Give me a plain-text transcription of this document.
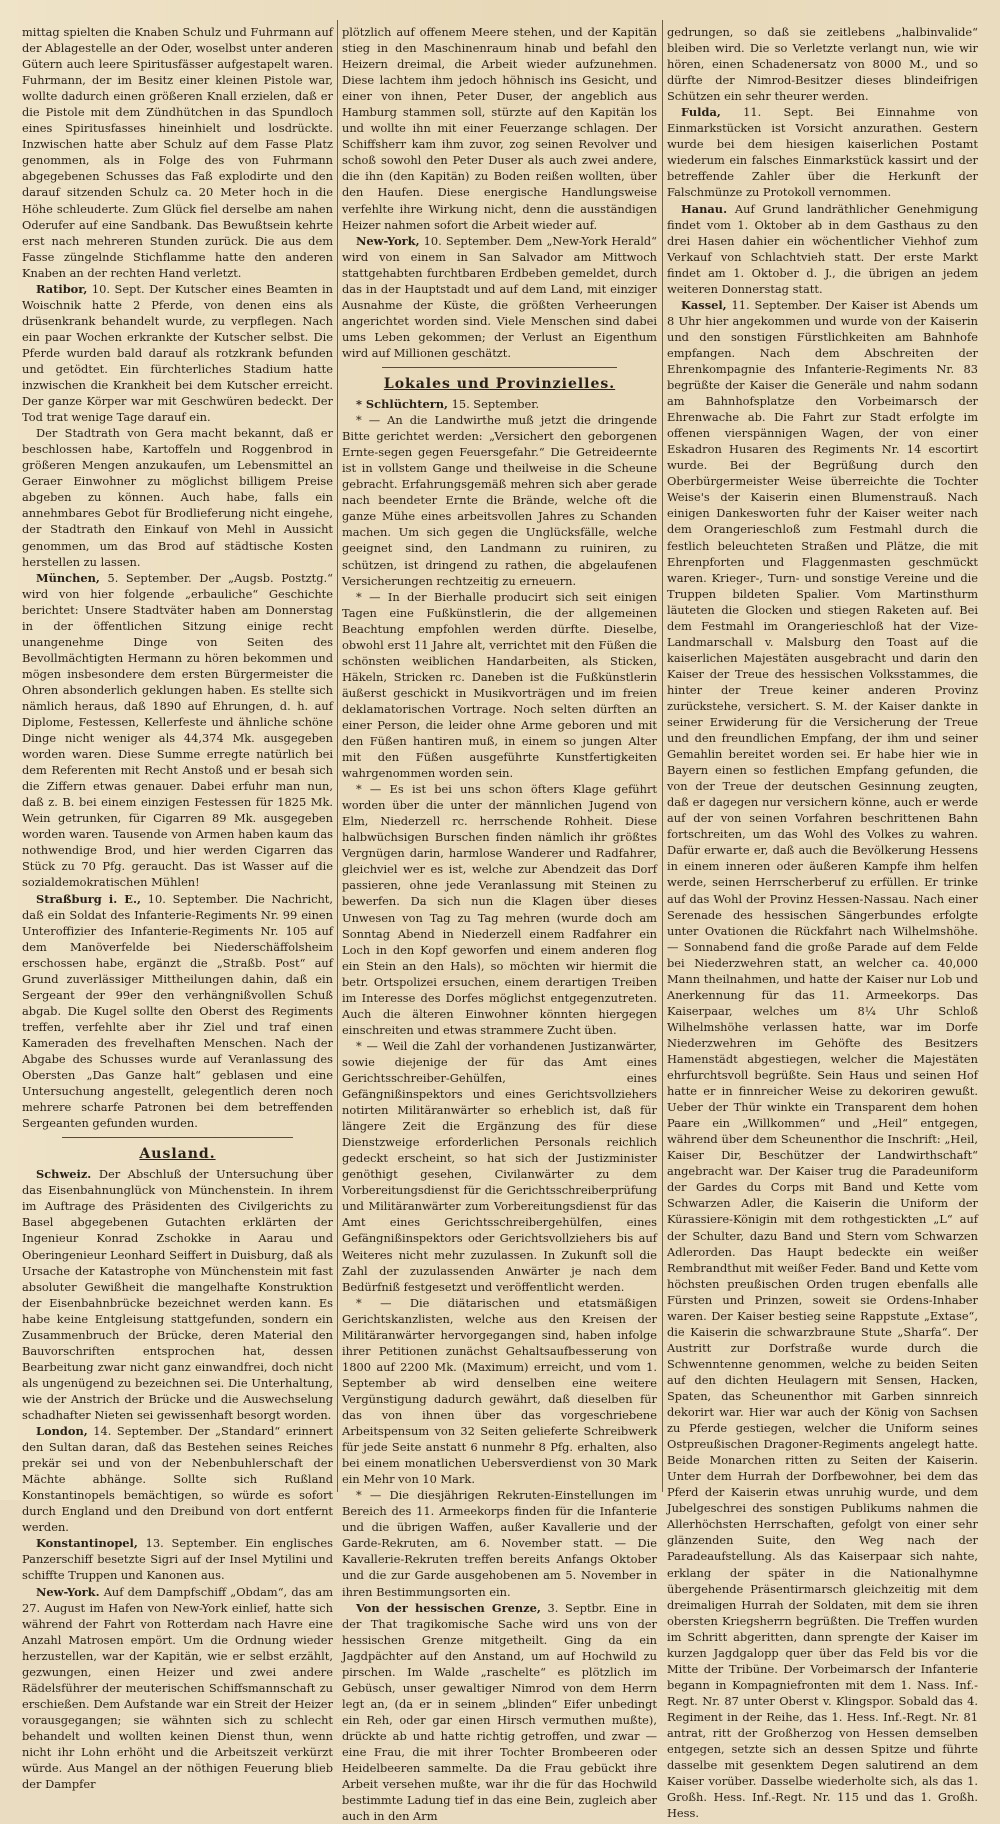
mittag spielten die Knaben Schulz und Fuhrmann auf der Ablagestelle an der Oder, woselbst unter anderen Gütern auch leere Spiritusfässer aufgestapelt waren. Fuhrmann, der im Besitz einer kleinen Pistole war, wollte dadurch einen größeren Knall erzielen, daß er die Pistole mit dem Zündhütchen in das Spundloch eines Spiritusfasses hineinhielt und losdrückte. Inzwischen hatte aber Schulz auf dem Fasse Platz genommen, als in Folge des von Fuhrmann abgegebenen Schusses das Faß explodirte und den darauf sitzenden Schulz ca. 20 Meter hoch in die Höhe schleuderte. Zum Glück fiel derselbe am nahen Oderufer auf eine Sandbank. Das Bewußtsein kehrte erst nach mehreren Stunden zurück. Die aus dem Fasse züngelnde Stichflamme hatte den anderen Knaben an der rechten Hand verletzt.

Ratibor, 10. Sept. Der Kutscher eines Beamten in Woischnik hatte 2 Pferde, von denen eins als drüsenkrank behandelt wurde, zu verpflegen. Nach ein paar Wochen erkrankte der Kutscher selbst. Die Pferde wurden bald darauf als rotzkrank befunden und getödtet. Ein fürchterliches Stadium hatte inzwischen die Krankheit bei dem Kutscher erreicht. Der ganze Körper war mit Geschwüren bedeckt. Der Tod trat wenige Tage darauf ein.

Der Stadtrath von Gera macht bekannt, daß er beschlossen habe, Kartoffeln und Roggenbrod in größeren Mengen anzukaufen, um Lebensmittel an Geraer Einwohner zu möglichst billigem Preise abgeben zu können. Auch habe, falls ein annehmbares Gebot für Brodlieferung nicht eingehe, der Stadtrath den Einkauf von Mehl in Aussicht genommen, um das Brod auf städtische Kosten herstellen zu lassen.

München, 5. September. Der „Augsb. Postztg.“ wird von hier folgende „erbauliche“ Geschichte berichtet: Unsere Stadtväter haben am Donnerstag in der öffentlichen Sitzung einige recht unangenehme Dinge von Seiten des Bevollmächtigten Hermann zu hören bekommen und mögen insbesondere dem ersten Bürgermeister die Ohren absonderlich geklungen haben. Es stellte sich nämlich heraus, daß 1890 auf Ehrungen, d. h. auf Diplome, Festessen, Kellerfeste und ähnliche schöne Dinge nicht weniger als 44,374 Mk. ausgegeben worden waren. Diese Summe erregte natürlich bei dem Referenten mit Recht Anstoß und er besah sich die Ziffern etwas genauer. Dabei erfuhr man nun, daß z. B. bei einem einzigen Festessen für 1825 Mk. Wein getrunken, für Cigarren 89 Mk. ausgegeben worden waren. Tausende von Armen haben kaum das nothwendige Brod, und hier werden Cigarren das Stück zu 70 Pfg. geraucht. Das ist Wasser auf die sozialdemokratischen Mühlen!

Straßburg i. E., 10. September. Die Nachricht, daß ein Soldat des Infanterie-Regiments Nr. 99 einen Unteroffizier des Infanterie-Regiments Nr. 105 auf dem Manöverfelde bei Niederschäffolsheim erschossen habe, ergänzt die „Straßb. Post“ auf Grund zuverlässiger Mittheilungen dahin, daß ein Sergeant der 99er den verhängnißvollen Schuß abgab. Die Kugel sollte den Oberst des Regiments treffen, verfehlte aber ihr Ziel und traf einen Kameraden des frevelhaften Menschen. Nach der Abgabe des Schusses wurde auf Veranlassung des Obersten „Das Ganze halt“ geblasen und eine Untersuchung angestellt, gelegentlich deren noch mehrere scharfe Patronen bei dem betreffenden Sergeanten gefunden wurden.

Ausland.

Schweiz. Der Abschluß der Untersuchung über das Eisenbahnunglück von Münchenstein. In ihrem im Auftrage des Präsidenten des Civilgerichts zu Basel abgegebenen Gutachten erklärten der Ingenieur Konrad Zschokke in Aarau und Oberingenieur Leonhard Seiffert in Duisburg, daß als Ursache der Katastrophe von Münchenstein mit fast absoluter Gewißheit die mangelhafte Konstruktion der Eisenbahnbrücke bezeichnet werden kann. Es habe keine Entgleisung stattgefunden, sondern ein Zusammenbruch der Brücke, deren Material den Bauvorschriften entsprochen hat, dessen Bearbeitung zwar nicht ganz einwandfrei, doch nicht als ungenügend zu bezeichnen sei. Die Unterhaltung, wie der Anstrich der Brücke und die Auswechselung schadhafter Nieten sei gewissenhaft besorgt worden.

London, 14. September. Der „Standard“ erinnert den Sultan daran, daß das Bestehen seines Reiches prekär sei und von der Nebenbuhlerschaft der Mächte abhänge. Sollte sich Rußland Konstantinopels bemächtigen, so würde es sofort durch England und den Dreibund von dort entfernt werden.

Konstantinopel, 13. September. Ein englisches Panzerschiff besetzte Sigri auf der Insel Mytilini und schiffte Truppen und Kanonen aus.

New-York. Auf dem Dampfschiff „Obdam“, das am 27. August im Hafen von New-York einlief, hatte sich während der Fahrt von Rotterdam nach Havre eine Anzahl Matrosen empört. Um die Ordnung wieder herzustellen, war der Kapitän, wie er selbst erzählt, gezwungen, einen Heizer und zwei andere Rädelsführer der meuterischen Schiffsmannschaft zu erschießen. Dem Aufstande war ein Streit der Heizer vorausgegangen; sie wähnten sich zu schlecht behandelt und wollten keinen Dienst thun, wenn nicht ihr Lohn erhöht und die Arbeitszeit verkürzt würde. Aus Mangel an der nöthigen Feuerung blieb der Dampfer

plötzlich auf offenem Meere stehen, und der Kapitän stieg in den Maschinenraum hinab und befahl den Heizern dreimal, die Arbeit wieder aufzunehmen. Diese lachtem ihm jedoch höhnisch ins Gesicht, und einer von ihnen, Peter Duser, der angeblich aus Hamburg stammen soll, stürzte auf den Kapitän los und wollte ihn mit einer Feuerzange schlagen. Der Schiffsherr kam ihm zuvor, zog seinen Revolver und schoß sowohl den Peter Duser als auch zwei andere, die ihn (den Kapitän) zu Boden reißen wollten, über den Haufen. Diese energische Handlungsweise verfehlte ihre Wirkung nicht, denn die ausständigen Heizer nahmen sofort die Arbeit wieder auf.

New-York, 10. September. Dem „New-York Herald“ wird von einem in San Salvador am Mittwoch stattgehabten furchtbaren Erdbeben gemeldet, durch das in der Hauptstadt und auf dem Land, mit einziger Ausnahme der Küste, die größten Verheerungen angerichtet worden sind. Viele Menschen sind dabei ums Leben gekommen; der Verlust an Eigenthum wird auf Millionen geschätzt.

Lokales und Provinzielles.

* Schlüchtern, 15. September.

* — An die Landwirthe muß jetzt die dringende Bitte gerichtet werden: „Versichert den geborgenen Ernte-segen gegen Feuersgefahr.“ Die Getreideernte ist in vollstem Gange und theilweise in die Scheune gebracht. Erfahrungsgemäß mehren sich aber gerade nach beendeter Ernte die Brände, welche oft die ganze Mühe eines arbeitsvollen Jahres zu Schanden machen. Um sich gegen die Unglücksfälle, welche geeignet sind, den Landmann zu ruiniren, zu schützen, ist dringend zu rathen, die abgelaufenen Versicherungen rechtzeitig zu erneuern.

* — In der Bierhalle producirt sich seit einigen Tagen eine Fußkünstlerin, die der allgemeinen Beachtung empfohlen werden dürfte. Dieselbe, obwohl erst 11 Jahre alt, verrichtet mit den Füßen die schönsten weiblichen Handarbeiten, als Sticken, Häkeln, Stricken rc. Daneben ist die Fußkünstlerin äußerst geschickt in Musikvorträgen und im freien deklamatorischen Vortrage. Noch selten dürften an einer Person, die leider ohne Arme geboren und mit den Füßen hantiren muß, in einem so jungen Alter mit den Füßen ausgeführte Kunstfertigkeiten wahrgenommen worden sein.

* — Es ist bei uns schon öfters Klage geführt worden über die unter der männlichen Jugend von Elm, Niederzell rc. herrschende Rohheit. Diese halbwüchsigen Burschen finden nämlich ihr größtes Vergnügen darin, harmlose Wanderer und Radfahrer, gleichviel wer es ist, welche zur Abendzeit das Dorf passieren, ohne jede Veranlassung mit Steinen zu bewerfen. Da sich nun die Klagen über dieses Unwesen von Tag zu Tag mehren (wurde doch am Sonntag Abend in Niederzell einem Radfahrer ein Loch in den Kopf geworfen und einem anderen flog ein Stein an den Hals), so möchten wir hiermit die betr. Ortspolizei ersuchen, einem derartigen Treiben im Interesse des Dorfes möglichst entgegenzutreten. Auch die älteren Einwohner könnten hiergegen einschreiten und etwas strammere Zucht üben.

* — Weil die Zahl der vorhandenen Justizanwärter, sowie diejenige der für das Amt eines Gerichtsschreiber-Gehülfen, eines Gefängnißinspektors und eines Gerichtsvollziehers notirten Militäranwärter so erheblich ist, daß für längere Zeit die Ergänzung des für diese Dienstzweige erforderlichen Personals reichlich gedeckt erscheint, so hat sich der Justizminister genöthigt gesehen, Civilanwärter zu dem Vorbereitungsdienst für die Gerichtsschreiberprüfung und Militäranwärter zum Vorbereitungsdienst für das Amt eines Gerichtsschreibergehülfen, eines Gefängnißinspektors oder Gerichtsvollziehers bis auf Weiteres nicht mehr zuzulassen. In Zukunft soll die Zahl der zuzulassenden Anwärter je nach dem Bedürfniß festgesetzt und veröffentlicht werden.

* — Die diätarischen und etatsmäßigen Gerichtskanzlisten, welche aus den Kreisen der Militäranwärter hervorgegangen sind, haben infolge ihrer Petitionen zunächst Gehaltsaufbesserung von 1800 auf 2200 Mk. (Maximum) erreicht, und vom 1. September ab wird denselben eine weitere Vergünstigung dadurch gewährt, daß dieselben für das von ihnen über das vorgeschriebene Arbeitspensum von 32 Seiten gelieferte Schreibwerk für jede Seite anstatt 6 nunmehr 8 Pfg. erhalten, also bei einem monatlichen Uebersverdienst von 30 Mark ein Mehr von 10 Mark.

* — Die diesjährigen Rekruten-Einstellungen im Bereich des 11. Armeekorps finden für die Infanterie und die übrigen Waffen, außer Kavallerie und der Garde-Rekruten, am 6. November statt. — Die Kavallerie-Rekruten treffen bereits Anfangs Oktober und die zur Garde ausgehobenen am 5. November in ihren Bestimmungsorten ein.

Von der hessischen Grenze, 3. Septbr. Eine in der That tragikomische Sache wird uns von der hessischen Grenze mitgetheilt. Ging da ein Jagdpächter auf den Anstand, um auf Hochwild zu pirschen. Im Walde „raschelte“ es plötzlich im Gebüsch, unser gewaltiger Nimrod von dem Herrn legt an, (da er in seinem „blinden“ Eifer unbedingt ein Reh, oder gar einen Hirsch vermuthen mußte), drückte ab und hatte richtig getroffen, und zwar — eine Frau, die mit ihrer Tochter Brombeeren oder Heidelbeeren sammelte. Da die Frau gebückt ihre Arbeit versehen mußte, war ihr die für das Hochwild bestimmte Ladung tief in das eine Bein, zugleich aber auch in den Arm

gedrungen, so daß sie zeitlebens „halbinvalide“ bleiben wird. Die so Verletzte verlangt nun, wie wir hören, einen Schadenersatz von 8000 M., und so dürfte der Nimrod-Besitzer dieses blindeifrigen Schützen ein sehr theurer werden.

Fulda, 11. Sept. Bei Einnahme von Einmarkstücken ist Vorsicht anzurathen. Gestern wurde bei dem hiesigen kaiserlichen Postamt wiederum ein falsches Einmarkstück kassirt und der betreffende Zahler über die Herkunft der Falschmünze zu Protokoll vernommen.

Hanau. Auf Grund landräthlicher Genehmigung findet vom 1. Oktober ab in dem Gasthaus zu den drei Hasen dahier ein wöchentlicher Viehhof zum Verkauf von Schlachtvieh statt. Der erste Markt findet am 1. Oktober d. J., die übrigen an jedem weiteren Donnerstag statt.

Kassel, 11. September. Der Kaiser ist Abends um 8 Uhr hier angekommen und wurde von der Kaiserin und den sonstigen Fürstlichkeiten am Bahnhofe empfangen. Nach dem Abschreiten der Ehrenkompagnie des Infanterie-Regiments Nr. 83 begrüßte der Kaiser die Generäle und nahm sodann am Bahnhofsplatze den Vorbeimarsch der Ehrenwache ab. Die Fahrt zur Stadt erfolgte im offenen vierspännigen Wagen, der von einer Eskadron Husaren des Regiments Nr. 14 escortirt wurde. Bei der Begrüßung durch den Oberbürgermeister Weise überreichte die Tochter Weise's der Kaiserin einen Blumenstrauß. Nach einigen Dankesworten fuhr der Kaiser weiter nach dem Orangerieschloß zum Festmahl durch die festlich beleuchteten Straßen und Plätze, die mit Ehrenpforten und Flaggenmasten geschmückt waren. Krieger-, Turn- und sonstige Vereine und die Truppen bildeten Spalier. Vom Martinsthurm läuteten die Glocken und stiegen Raketen auf. Bei dem Festmahl im Orangerieschloß hat der Vize-Landmarschall v. Malsburg den Toast auf die kaiserlichen Majestäten ausgebracht und darin den Kaiser der Treue des hessischen Volksstammes, die hinter der Treue keiner anderen Provinz zurückstehe, versichert. S. M. der Kaiser dankte in seiner Erwiderung für die Versicherung der Treue und den freundlichen Empfang, der ihm und seiner Gemahlin bereitet worden sei. Er habe hier wie in Bayern einen so festlichen Empfang gefunden, die von der Treue der deutschen Gesinnung zeugten, daß er dagegen nur versichern könne, auch er werde auf der von seinen Vorfahren beschrittenen Bahn fortschreiten, um das Wohl des Volkes zu wahren. Dafür erwarte er, daß auch die Bevölkerung Hessens in einem inneren oder äußeren Kampfe ihm helfen werde, seinen Herrscherberuf zu erfüllen. Er trinke auf das Wohl der Provinz Hessen-Nassau. Nach einer Serenade des hessischen Sängerbundes erfolgte unter Ovationen die Rückfahrt nach Wilhelmshöhe. — Sonnabend fand die große Parade auf dem Felde bei Niederzwehren statt, an welcher ca. 40,000 Mann theilnahmen, und hatte der Kaiser nur Lob und Anerkennung für das 11. Armeekorps. Das Kaiserpaar, welches um 8¼ Uhr Schloß Wilhelmshöhe verlassen hatte, war im Dorfe Niederzwehren im Gehöfte des Besitzers Hamenstädt abgestiegen, welcher die Majestäten ehrfurchtsvoll begrüßte. Sein Haus und seinen Hof hatte er in finnreicher Weise zu dekoriren gewußt. Ueber der Thür winkte ein Transparent dem hohen Paare ein „Willkommen“ und „Heil“ entgegen, während über dem Scheunenthor die Inschrift: „Heil, Kaiser Dir, Beschützer der Landwirthschaft“ angebracht war. Der Kaiser trug die Paradeuniform der Gardes du Corps mit Band und Kette vom Schwarzen Adler, die Kaiserin die Uniform der Kürassiere-Königin mit dem rothgestickten „L“ auf der Schulter, dazu Band und Stern vom Schwarzen Adlerorden. Das Haupt bedeckte ein weißer Rembrandthut mit weißer Feder. Band und Kette vom höchsten preußischen Orden trugen ebenfalls alle Fürsten und Prinzen, soweit sie Ordens-Inhaber waren. Der Kaiser bestieg seine Rappstute „Extase“, die Kaiserin die schwarzbraune Stute „Sharfa“. Der Austritt zur Dorfstraße wurde durch die Schwenntenne genommen, welche zu beiden Seiten auf den dichten Heulagern mit Sensen, Hacken, Spaten, das Scheunenthor mit Garben sinnreich dekorirt war. Hier war auch der König von Sachsen zu Pferde gestiegen, welcher die Uniform seines Ostpreußischen Dragoner-Regiments angelegt hatte. Beide Monarchen ritten zu Seiten der Kaiserin. Unter dem Hurrah der Dorfbewohner, bei dem das Pferd der Kaiserin etwas unruhig wurde, und dem Jubelgeschrei des sonstigen Publikums nahmen die Allerhöchsten Herrschaften, gefolgt von einer sehr glänzenden Suite, den Weg nach der Paradeaufstellung. Als das Kaiserpaar sich nahte, erklang der später in die Nationalhymne übergehende Präsentirmarsch gleichzeitig mit dem dreimaligen Hurrah der Soldaten, mit dem sie ihren obersten Kriegsherrn begrüßten. Die Treffen wurden im Schritt abgeritten, dann sprengte der Kaiser im kurzen Jagdgalopp quer über das Feld bis vor die Mitte der Tribüne. Der Vorbeimarsch der Infanterie begann in Kompagniefronten mit dem 1. Nass. Inf.-Regt. Nr. 87 unter Oberst v. Klingspor. Sobald das 4. Regiment in der Reihe, das 1. Hess. Inf.-Regt. Nr. 81 antrat, ritt der Großherzog von Hessen demselben entgegen, setzte sich an dessen Spitze und führte dasselbe mit gesenktem Degen salutirend an dem Kaiser vorüber. Dasselbe wiederholte sich, als das 1. Großh. Hess. Inf.-Regt. Nr. 115 und das 1. Großh. Hess.
